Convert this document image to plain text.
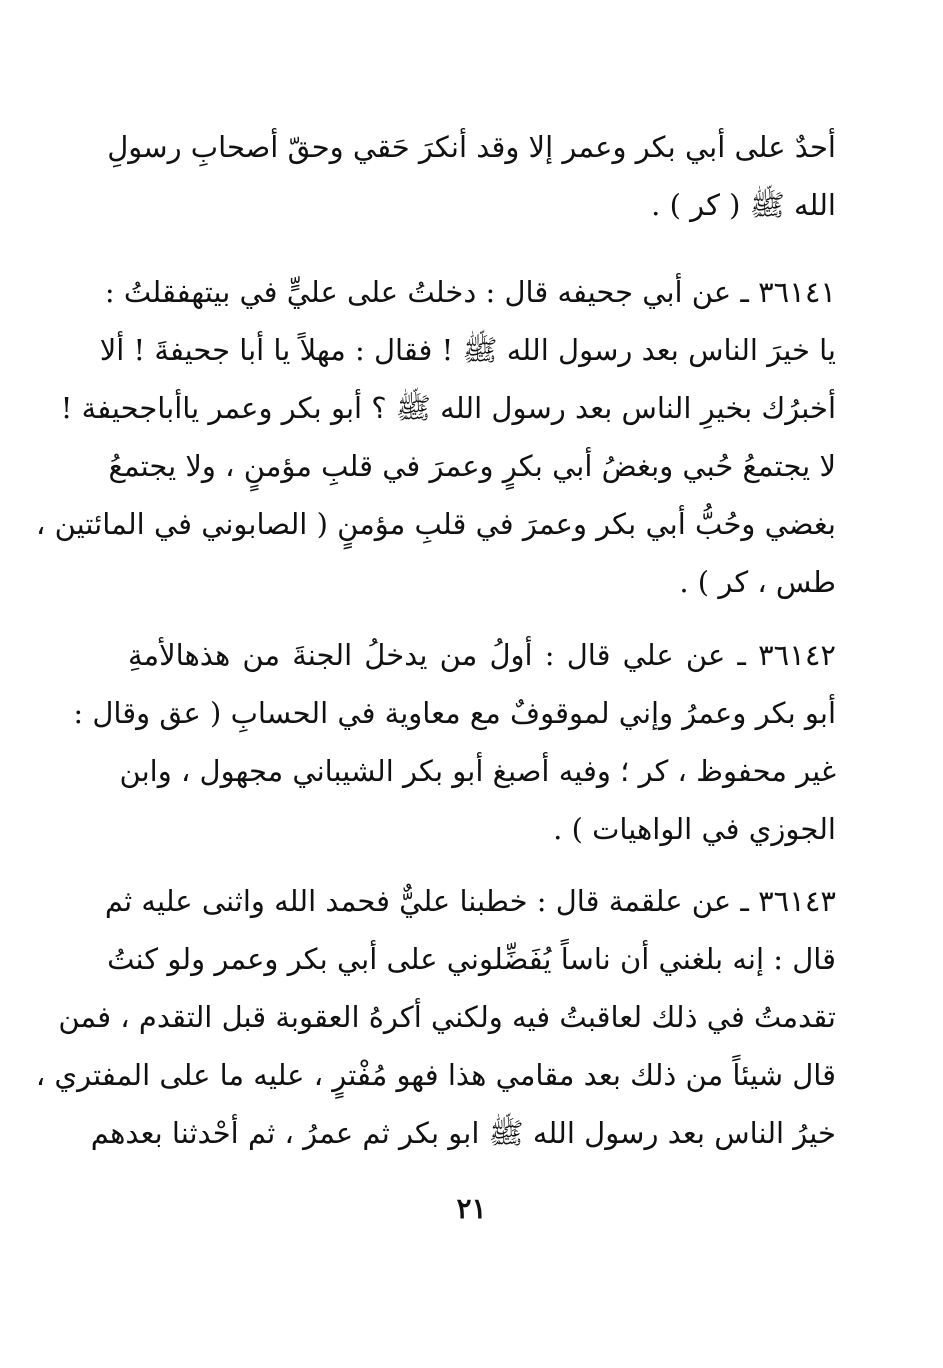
أحدٌ على أبي بكر وعمر إلا وقد أنكرَ حَقي وحقّ أصحابِ رسولِ
الله ﷺ ( كر ) .
٣٦١٤١ ـ عن أبي جحيفه قال : دخلتُ على عليٍّ في بيتهفقلتُ :
يا خيرَ الناس بعد رسول الله ﷺ ! فقال : مهلاً يا أبا جحيفةَ ! ألا
أخبرُك بخيرِ الناس بعد رسول الله ﷺ ؟ أبو بكر وعمر ياأباجحيفة !
لا يجتمعُ حُبي وبغضُ أبي بكرٍ وعمرَ في قلبِ مؤمنٍ ، ولا يجتمعُ
بغضي وحُبُّ أبي بكر وعمرَ في قلبِ مؤمنٍ ( الصابوني في المائتين ،
طس ، كر ) .
٣٦١٤٢ ـ عن علي قال : أولُ من يدخلُ الجنةَ من هذهالأمةِ
أبو بكر وعمرُ وإني لموقوفٌ مع معاوية في الحسابِ ( عق وقال :
غير محفوظ ، كر ؛ وفيه أصبغ أبو بكر الشيباني مجهول ، وابن
الجوزي في الواهيات ) .
٣٦١٤٣ ـ عن علقمة قال : خطبنا عليٌّ فحمد الله واثنى عليه ثم
قال : إنه بلغني أن ناساً يُفَضِّلوني على أبي بكر وعمر ولو كنتُ
تقدمتُ في ذلك لعاقبتُ فيه ولكني أكرهُ العقوبة قبل التقدم ، فمن
قال شيئاً من ذلك بعد مقامي هذا فهو مُفْترٍ ، عليه ما على المفتري ،
خيرُ الناس بعد رسول الله ﷺ ابو بكر ثم عمرُ ، ثم أحْدثنا بعدهم
٢١
